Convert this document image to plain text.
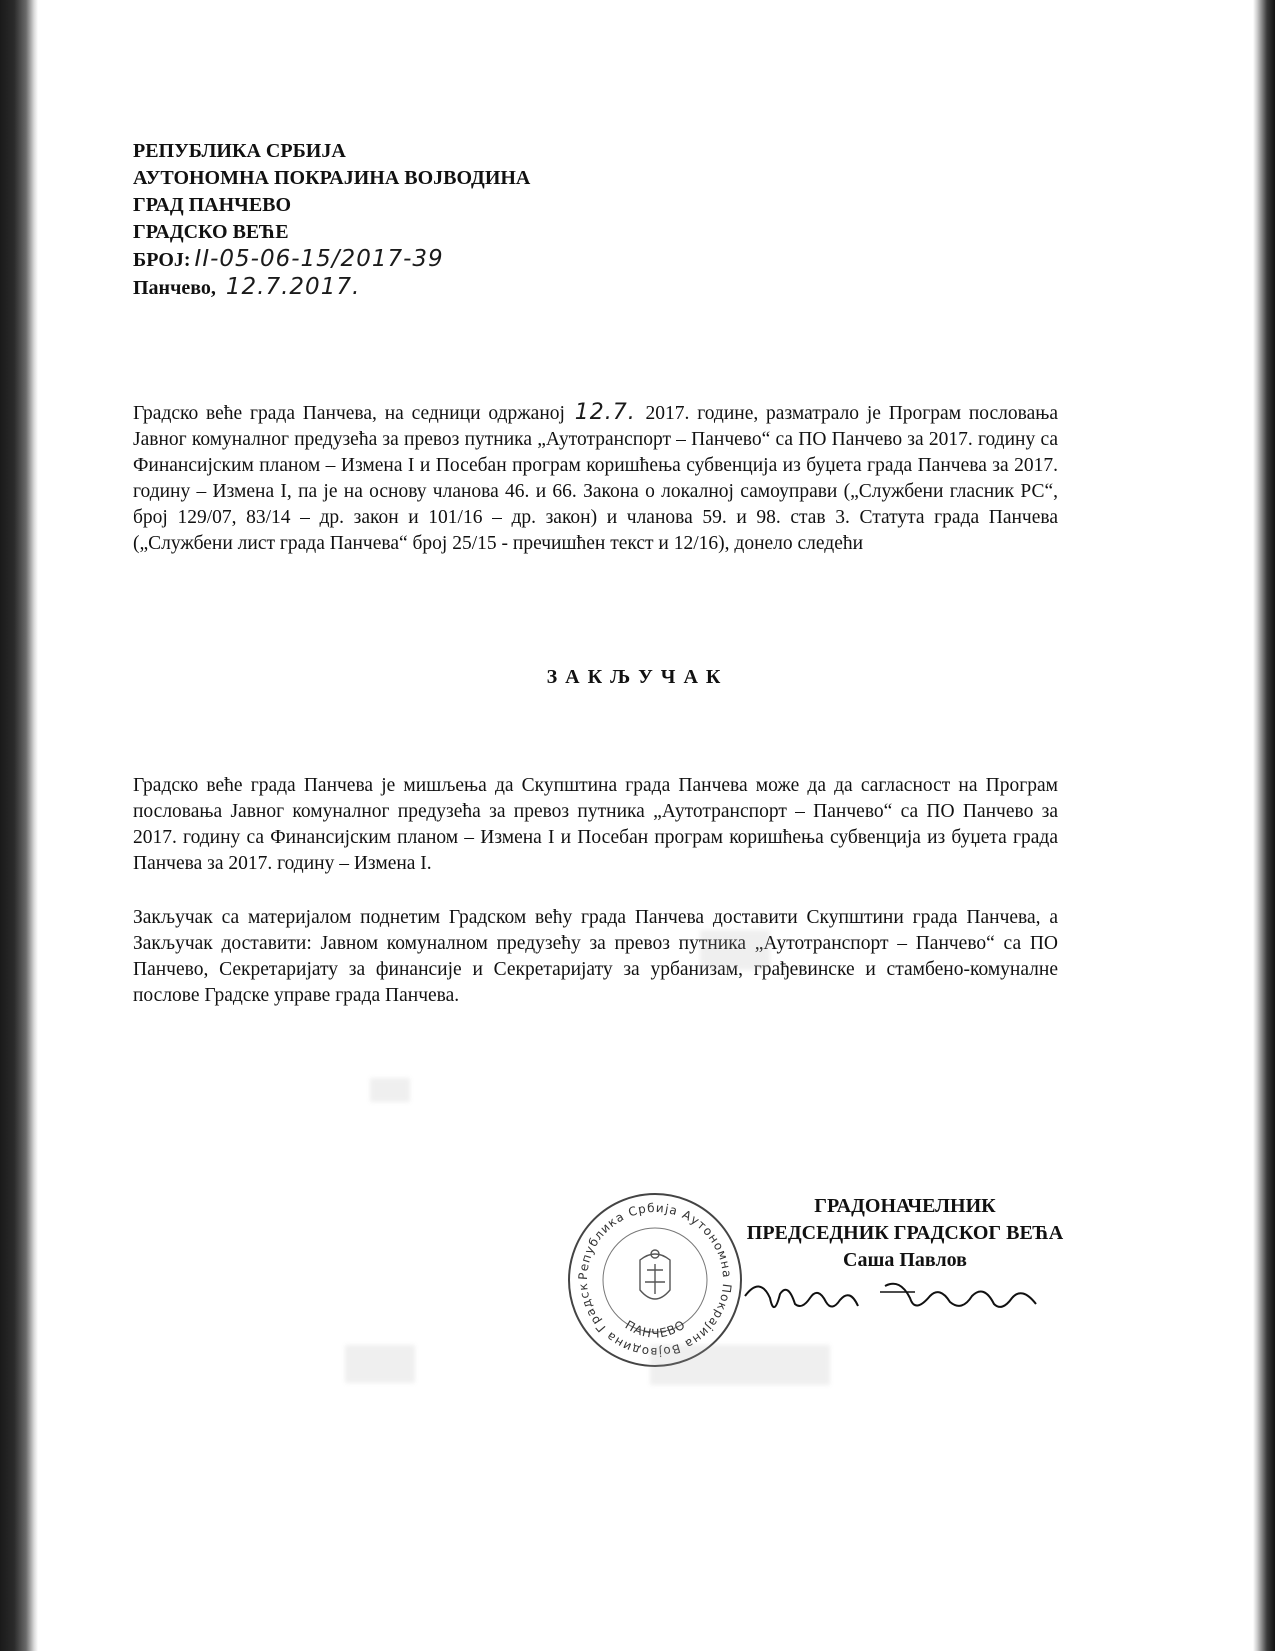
РЕПУБЛИКА СРБИЈА
АУТОНОМНА ПОКРАЈИНА ВОЈВОДИНА
ГРАД ПАНЧЕВО
ГРАДСКО ВЕЋЕ
БРОЈ: II-05-06-15/2017-39
Панчево, 12.7.2017.
Градско веће града Панчева, на седници одржаној 12.7. 2017. године, разматрало је Програм пословања Јавног комуналног предузећа за превоз путника „Аутотранспорт – Панчево“ са ПО Панчево за 2017. годину са Финансијским планом – Измена I и Посебан програм коришћења субвенција из буџета града Панчева за 2017. годину – Измена I, па је на основу чланова 46. и 66. Закона о локалној самоуправи („Службени гласник РС“, број 129/07, 83/14 – др. закон и 101/16 – др. закон) и чланова 59. и 98. став 3. Статута града Панчева („Службени лист града Панчева“ број 25/15 - пречишћен текст и 12/16), донело следећи
ЗАКЉУЧАК
Градско веће града Панчева је мишљења да Скупштина града Панчева може да да сагласност на Програм пословања Јавног комуналног предузећа за превоз путника „Аутотранспорт – Панчево“ са ПО Панчево за 2017. годину са Финансијским планом – Измена I и Посебан програм коришћења субвенција из буџета града Панчева за 2017. годину – Измена I.
Закључак са материјалом поднетим Градском већу града Панчева доставити Скупштини града Панчева, а Закључак доставити: Јавном комуналном предузећу за превоз путника „Аутотранспорт – Панчево“ са ПО Панчево, Секретаријату за финансије и Секретаријату за урбанизам, грађевинске и стамбено-комуналне послове Градске управе града Панчева.
Република Србија Аутономна Покрајина Војводина Градск
ПАНЧЕВО
ГРАДОНАЧЕЛНИК
ПРЕДСЕДНИК ГРАДСКОГ ВЕЋА
Саша Павлов
